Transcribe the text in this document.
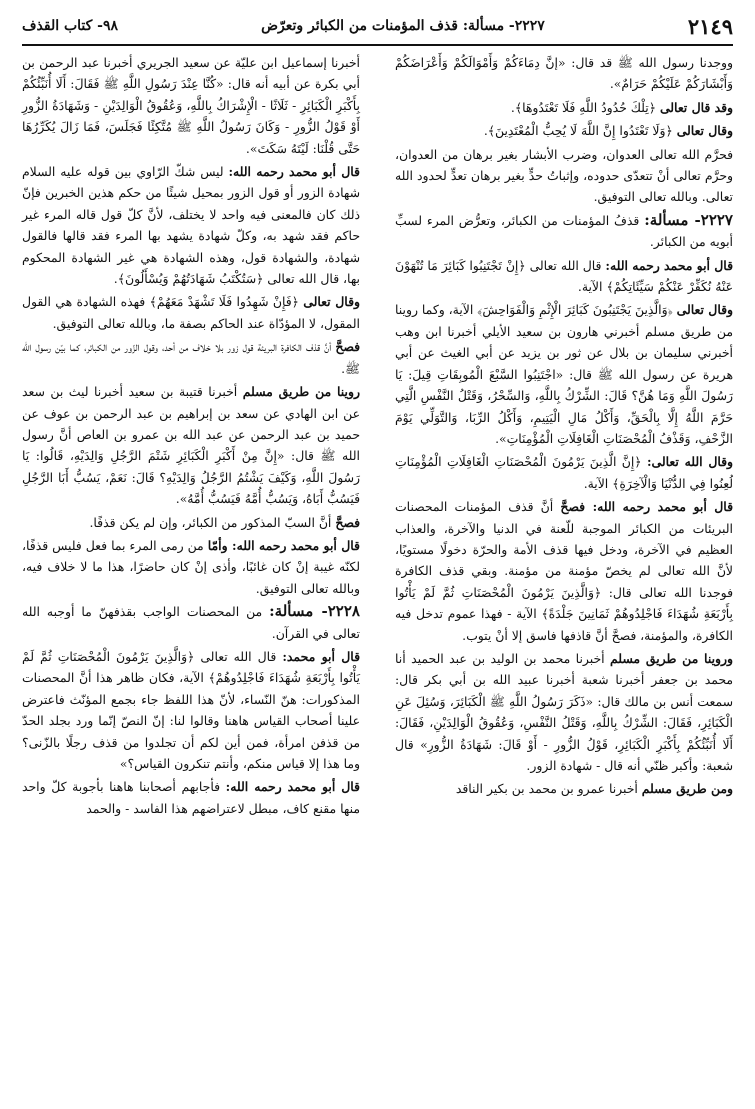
٩٨- كتاب القذف	٢٢٢٧- مسألة: قذف المؤمنات من الكبائر وتعرّض	٢١٤٩

ووجدنا رسول الله ﷺ قد قال: «إنَّ دِمَاءَكُمْ وَأَمْوَالَكُمْ وَأَعْرَاضَكُمْ وَأَبْشَارَكُمْ عَلَيْكُمْ حَرَامٌ».

وقد قال تعالى ﴿تِلْكَ حُدُودُ اللَّهِ فَلَا تَعْتَدُوهَا﴾.

وقال تعالى ﴿وَلَا تَعْتَدُوا إِنَّ اللَّهَ لَا يُحِبُّ الْمُعْتَدِينَ﴾.

فحرَّم الله تعالى العدوان، وضرب الأبشار بغير برهان من العدوان، وحرَّم تعالى أنْ تتعدّى حدوده، وإثباتُ حدٍّ بغير برهان تعدٍّ لحدود الله تعالى. وبالله تعالى التوفيق.

٢٢٢٧- مسألة: قذفُ المؤمنات من الكبائر، وتعرُّض المرء لسبِّ أبويه من الكبائر.

قال أبو محمد رحمه الله: قال الله تعالى ﴿إِنْ تَجْتَنِبُوا كَبَائِرَ مَا تُنْهَوْنَ عَنْهُ نُكَفِّرْ عَنْكُمْ سَيِّئَاتِكُمْ﴾ الآية.

وقال تعالى ﴿وَالَّذِينَ يَجْتَنِبُونَ كَبَائِرَ الْإِثْمِ وَالْفَوَاحِشَ﴾ الآية، وكما روينا من طريق مسلم أخبرني هارون بن سعيد الأيلي أخبرنا ابن وهب أخبرني سليمان بن بلال عن ثور بن يزيد عن أبي الغيث عن أبي هريرة عن رسول الله ﷺ قال: «اجْتَنِبُوا السَّبْعَ الْمُوبِقَاتِ قِيلَ: يَا رَسُولَ اللَّهِ وَمَا هُنَّ؟ قَالَ: الشِّرْكُ بِاللَّهِ، وَالسِّحْرُ، وَقَتْلُ النَّفْسِ الَّتِي حَرَّمَ اللَّهُ إِلَّا بِالْحَقِّ، وَأَكْلُ مَالِ الْيَتِيمِ، وَأَكْلُ الرِّبَا، وَالتَّوَلِّي يَوْمَ الزَّحْفِ، وَقَذْفُ الْمُحْصَنَاتِ الْغَافِلَاتِ الْمُؤْمِنَاتِ».

وقال الله تعالى: ﴿إِنَّ الَّذِينَ يَرْمُونَ الْمُحْصَنَاتِ الْغَافِلَاتِ الْمُؤْمِنَاتِ لُعِنُوا فِي الدُّنْيَا وَالْآخِرَةِ﴾ الآية.

قال أبو محمد رحمه الله: فصحَّ أنَّ قذف المؤمنات المحصنات البريئات من الكبائر الموجبة للّعنة في الدنيا والآخرة، والعذاب العظيم في الآخرة، ودخل فيها قذف الأمة والحرّة دخولًا مستويًا، لأنَّ الله تعالى لم يخصّ مؤمنة من مؤمنة. وبقي قذف الكافرة فوجدنا الله تعالى قال: ﴿وَالَّذِينَ يَرْمُونَ الْمُحْصَنَاتِ ثُمَّ لَمْ يَأْتُوا بِأَرْبَعَةِ شُهَدَاءَ فَاجْلِدُوهُمْ ثَمَانِينَ جَلْدَةً﴾ الآية - فهذا عموم تدخل فيه الكافرة، والمؤمنة، فصحَّ أنَّ قاذفها فاسق إلا أنْ يتوب.

وروينا من طريق مسلم أخبرنا محمد بن الوليد بن عبد الحميد أنا محمد بن جعفر أخبرنا شعبة أخبرنا عبيد الله بن أبي بكر قال: سمعت أنس بن مالك قال: «ذَكَرَ رَسُولُ اللَّهِ ﷺ الْكَبَائِرَ، وَسُئِلَ عَنِ الْكَبَائِرِ، فَقَالَ: الشِّرْكُ بِاللَّهِ، وَقَتْلُ النَّفْسِ، وَعُقُوقُ الْوَالِدَيْنِ، فَقَالَ: أَلَا أُنَبِّئُكُمْ بِأَكْبَرِ الْكَبَائِرِ، قَوْلُ الزُّورِ - أَوْ قَالَ: شَهَادَةُ الزُّورِ» قال شعبة: وأكبر ظنّي أنه قال - شهادة الزور.

ومن طريق مسلم أخبرنا عمرو بن محمد بن بكير الناقد

أخبرنا إسماعيل ابن عليّة عن سعيد الجريري أخبرنا عبد الرحمن بن أبي بكرة عن أبيه أنه قال: «كُنَّا عِنْدَ رَسُولِ اللَّهِ ﷺ فَقَالَ: أَلَا أُنَبِّئُكُمْ بِأَكْبَرِ الْكَبَائِرِ - ثَلَاثًا - الْإِشْرَاكُ بِاللَّهِ، وَعُقُوقُ الْوَالِدَيْنِ - وَشَهَادَةُ الزُّورِ أَوْ قَوْلُ الزُّورِ - وَكَانَ رَسُولُ اللَّهِ ﷺ مُتَّكِئًا فَجَلَسَ، فَمَا زَالَ يُكَرِّرُهَا حَتَّى قُلْنَا: لَيْتَهُ سَكَتَ».

قال أبو محمد رحمه الله: ليس شكّ الرّاوي بين قوله عليه السلام شهادة الزور أو قول الزور بمحيل شيئًا من حكم هذين الخبرين فإنّ ذلك كان فالمعنى فيه واحد لا يختلف، لأنَّ كلّ قول قاله المرء غير حاكم فقد شهد به، وكلّ شهادة يشهد بها المرء فقد قالها فالقول شهادة، والشهادة قول، وهذه الشهادة هي غير الشهادة المحكوم بها، قال الله تعالى ﴿سَتُكْتَبُ شَهَادَتُهُمْ وَيُسْأَلُونَ﴾.

وقال تعالى ﴿فَإِنْ شَهِدُوا فَلَا تَشْهَدْ مَعَهُمْ﴾ فهذه الشهادة هي القول المقول، لا المؤدّاة عند الحاكم بصفة ما، وبالله تعالى التوفيق.

فصحَّ أنَّ قذف الكافرة البريئة قول زور بلا خلاف من أحد، وقول الزّور من الكبائر، كما بيّن رسول الله ﷺ.

روينا من طريق مسلم أخبرنا قتيبة بن سعيد أخبرنا ليث بن سعد عن ابن الهادي عن سعد بن إبراهيم بن عبد الرحمن بن عوف عن حميد بن عبد الرحمن عن عبد الله بن عمرو بن العاص أنَّ رسول الله ﷺ قال: «إِنَّ مِنْ أَكْبَرِ الْكَبَائِرِ شَتْمَ الرَّجُلِ وَالِدَيْهِ، قَالُوا: يَا رَسُولَ اللَّهِ، وَكَيْفَ يَشْتُمُ الرَّجُلُ وَالِدَيْهِ؟ قَالَ: نَعَمْ، يَسُبُّ أَبَا الرَّجُلِ فَيَسُبُّ أَبَاهُ، وَيَسُبُّ أُمَّهُ فَيَسُبُّ أُمَّهُ».

فصحَّ أنَّ السبّ المذكور من الكبائر، وإن لم يكن قذفًا.

قال أبو محمد رحمه الله: وأمّا من رمى المرء بما فعل فليس قذفًا، لكنّه غيبة إنْ كان غائبًا، وأذى إنْ كان حاضرًا، هذا ما لا خلاف فيه، وبالله تعالى التوفيق.

٢٢٢٨- مسألة: من المحصنات الواجب بقذفهنّ ما أوجبه الله تعالى في القرآن.

قال أبو محمد: قال الله تعالى ﴿وَالَّذِينَ يَرْمُونَ الْمُحْصَنَاتِ ثُمَّ لَمْ يَأْتُوا بِأَرْبَعَةِ شُهَدَاءَ فَاجْلِدُوهُمْ﴾ الآية، فكان ظاهر هذا أنَّ المحصنات المذكورات: هنّ النّساء، لأنّ هذا اللفظ جاء بجمع المؤنّث فاعترض علينا أصحاب القياس هاهنا وقالوا لنا: إنّ النصّ إنّما ورد بجلد الحدّ من قذفن امرأة، فمن أين لكم أن تجلدوا من قذف رجلًا بالزّنى؟ وما هذا إلا قياس منكم، وأنتم تنكرون القياس؟»

قال أبو محمد رحمه الله: فأجابهم أصحابنا هاهنا بأجوبة كلّ واحد منها مقنع كاف، مبطل لاعتراضهم هذا الفاسد - والحمد
